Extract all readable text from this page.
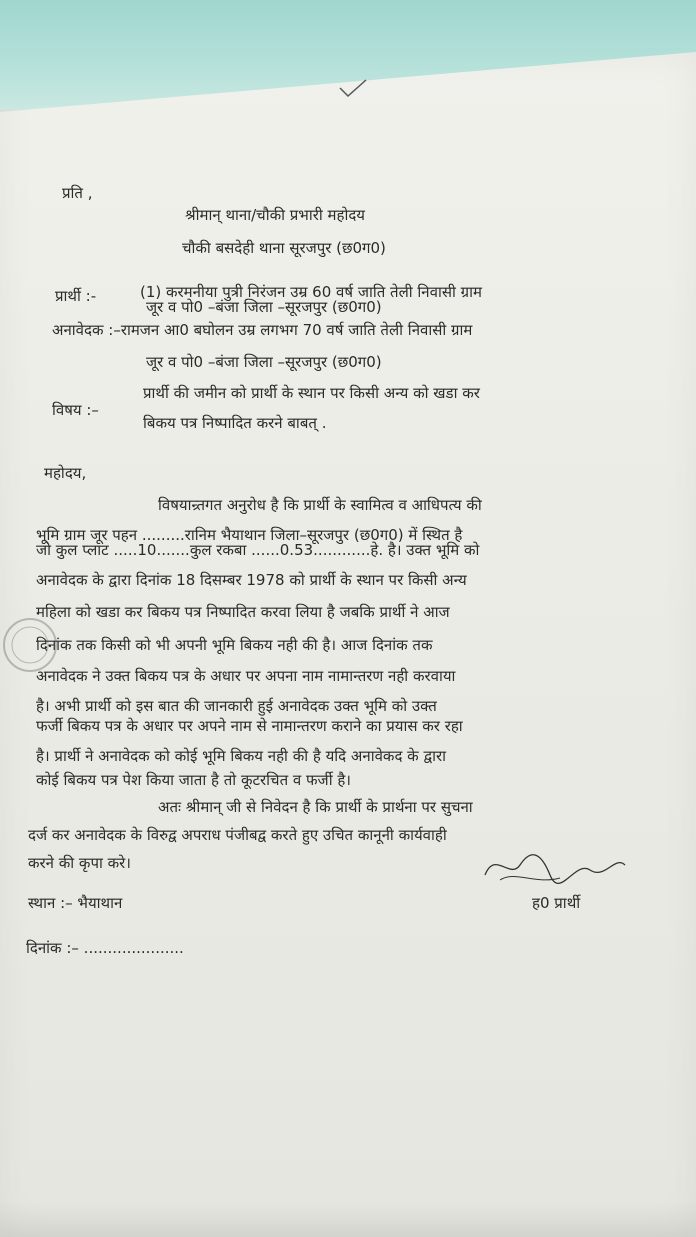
प्रति ,
श्रीमान् थाना/चौकी प्रभारी महोदय
चौकी बसदेही थाना सूरजपुर (छ0ग0)
प्रार्थी :-	(1) करमनीया पुत्री निरंजन उम्र 60 वर्ष जाति तेली निवासी ग्राम
जूर व पो0 –बंजा जिला –सूरजपुर (छ0ग0)
अनावेदक :–रामजन आ0 बघोलन उम्र लगभग 70 वर्ष जाति तेली निवासी ग्राम
जूर व पो0 –बंजा जिला –सूरजपुर (छ0ग0)
विषय :–
प्रार्थी की जमीन को प्रार्थी के स्थान पर किसी अन्य को खडा कर
बिकय पत्र निष्पादित करने बाबत् .
महोदय,
विषयान्र्तगत अनुरोध है कि प्रार्थी के स्वामित्व व आधिपत्य की
भूमि ग्राम जूर पहन .........रानिम भैयाथान जिला–सूरजपुर (छ0ग0) में स्थित है
जो कुल प्लाट .....10.......कुल रकबा ......0.53............हे. है। उक्त भूमि को
अनावेदक के द्वारा दिनांक 18 दिसम्बर 1978 को प्रार्थी के स्थान पर किसी अन्य
महिला को खडा कर बिकय पत्र निष्पादित करवा लिया है जबकि प्रार्थी ने आज
दिनांक तक किसी को भी अपनी भूमि बिकय नही की है। आज दिनांक तक
अनावेदक ने उक्त बिकय पत्र के अधार पर अपना नाम नामान्तरण नही करवाया
है। अभी प्रार्थी को इस बात की जानकारी हुई अनावेदक उक्त भूमि को उक्त
फर्जी बिकय पत्र के अधार पर अपने नाम से नामान्तरण कराने का प्रयास कर रहा
है। प्रार्थी ने अनावेदक को कोई भूमि बिकय नही की है यदि अनावेकद के द्वारा
कोई बिकय पत्र पेश किया जाता है तो कूटरचित व फर्जी है।
अतः श्रीमान् जी से निवेदन है कि प्रार्थी के प्रार्थना पर सुचना
दर्ज कर अनावेदक के विरुद्व अपराध पंजीबद्व करते हुए उचित कानूनी कार्यवाही
करने की कृपा करे।
स्थान :– भैयाथान	ह0 प्रार्थी
दिनांक :– .....................
